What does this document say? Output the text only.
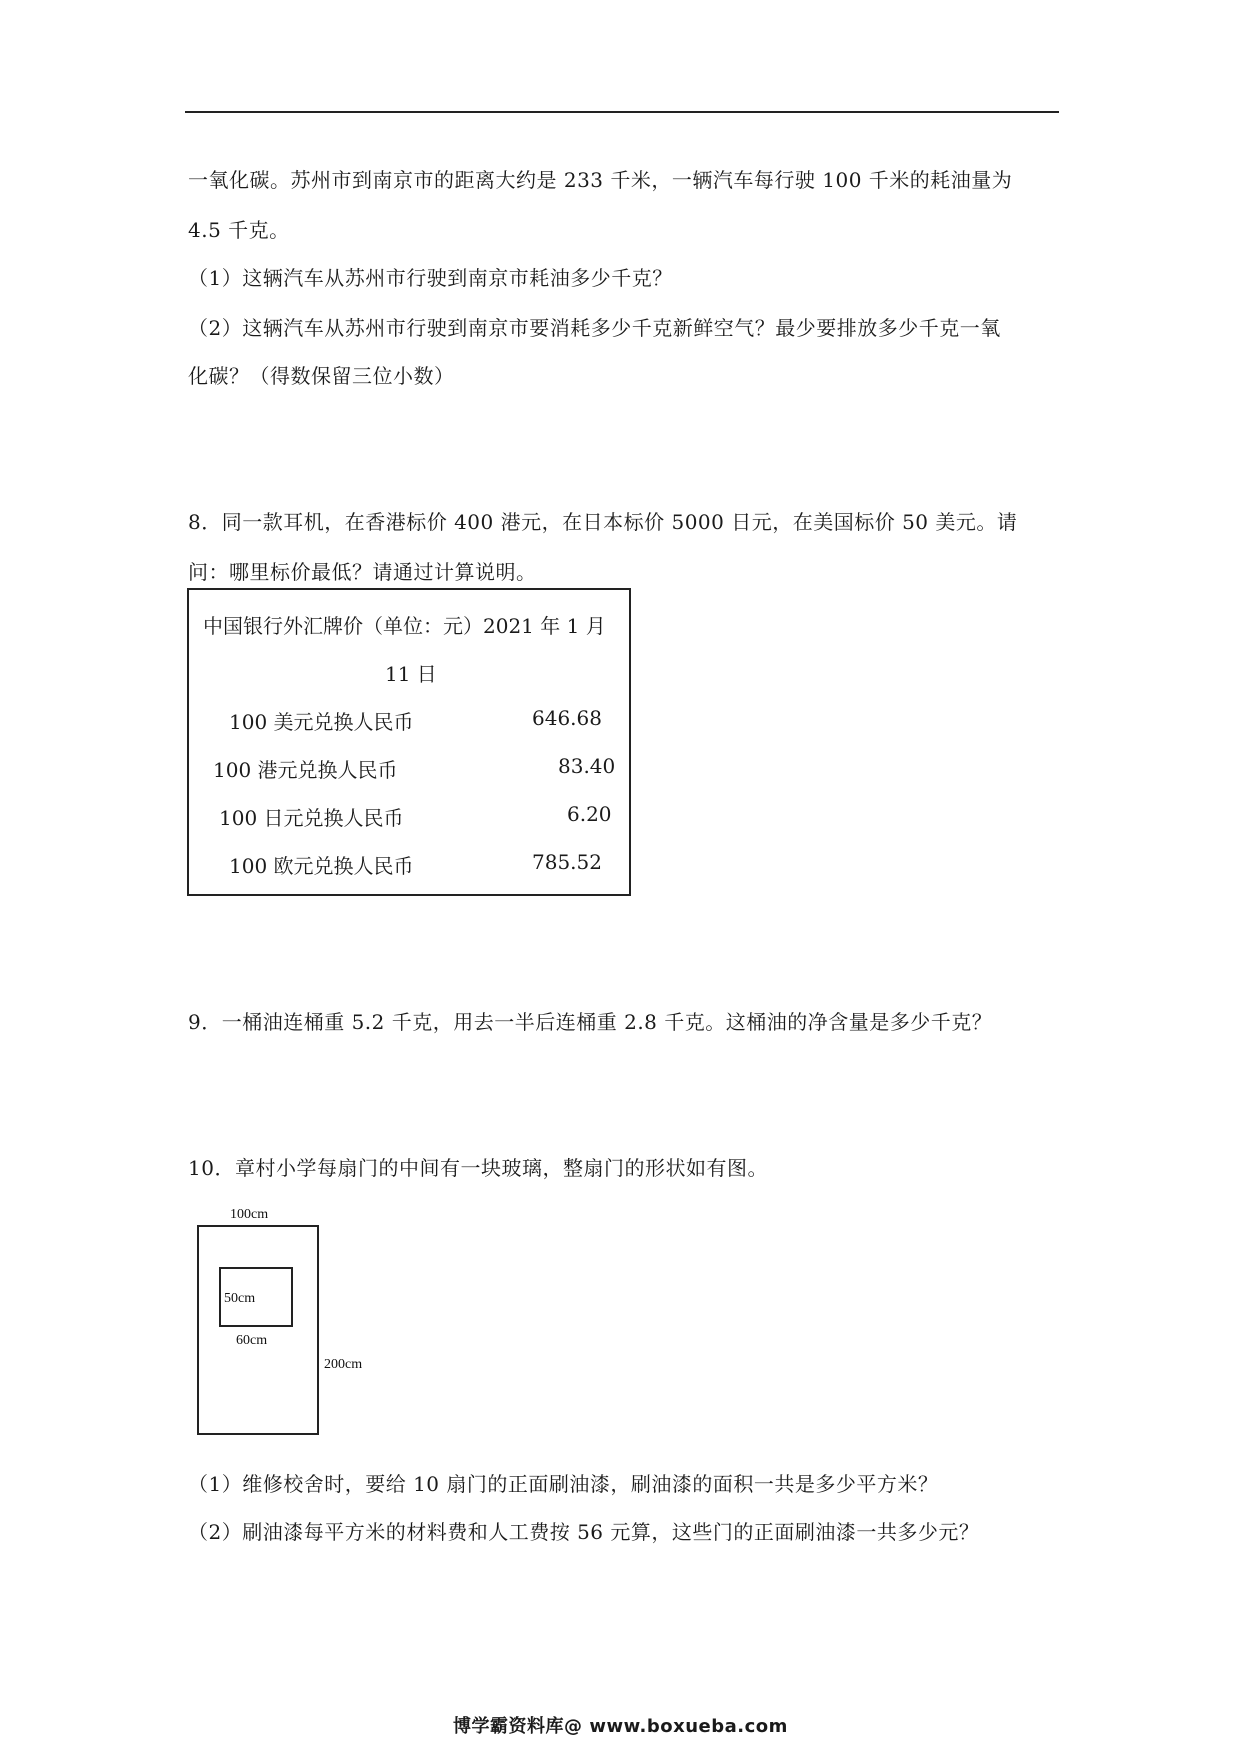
一氧化碳。苏州市到南京市的距离大约是 233 千米，一辆汽车每行驶 100 千米的耗油量为
4.5 千克。
（1）这辆汽车从苏州市行驶到南京市耗油多少千克？
（2）这辆汽车从苏州市行驶到南京市要消耗多少千克新鲜空气？最少要排放多少千克一氧
化碳？（得数保留三位小数）
8．同一款耳机，在香港标价 400 港元，在日本标价 5000 日元，在美国标价 50 美元。请
问：哪里标价最低？请通过计算说明。
中国银行外汇牌价（单位：元）2021 年 1 月
11 日
100 美元兑换人民币	646.68
100 港元兑换人民币	83.40
100 日元兑换人民币	6.20
100 欧元兑换人民币	785.52
9．一桶油连桶重 5.2 千克，用去一半后连桶重 2.8 千克。这桶油的净含量是多少千克？
10．章村小学每扇门的中间有一块玻璃，整扇门的形状如有图。
100cm
50cm
60cm
200cm
（1）维修校舍时，要给 10 扇门的正面刷油漆，刷油漆的面积一共是多少平方米？
（2）刷油漆每平方米的材料费和人工费按 56 元算，这些门的正面刷油漆一共多少元？
博学霸资料库@ www.boxueba.com
